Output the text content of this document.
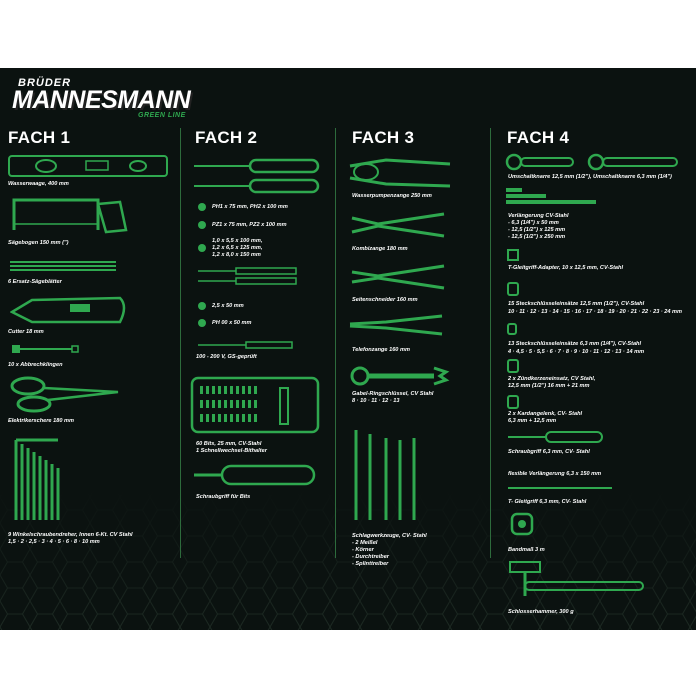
BRÜDER
MANNESMANN
GREEN LINE
FACH 1	FACH 2	FACH 3	FACH 4
Wasserwaage, 400 mm
Sägebogen 150 mm (")
6 Ersatz-Sägeblätter
Cutter 18 mm
10 x Abbrechklingen
Elektrikerschere 180 mm
9 Winkelschraubendreher, Innen 6-Kt. CV Stahl
1,5 · 2 · 2,5 · 3 · 4 · 5 · 6 · 8 · 10 mm
PH1 x 75 mm, PH2 x 100 mm
PZ1 x 75 mm, PZ2 x 100 mm
1,0 x 5,5 x 100 mm,
1,2 x 6,5 x 125 mm,
1,2 x 8,0 x 150 mm
2,5 x 50 mm
PH 00 x 50 mm
100 - 200 V, GS-geprüft
60 Bits, 25 mm, CV-Stahl
1 Schnellwechsel-Bithalter
Schraubgriff für Bits
Wasserpumpenzange 250 mm
Kombizange 180 mm
Seitenschneider 160 mm
Telefonzange 160 mm
Gabel-Ringschlüssel, CV Stahl
8 · 10 · 11 · 12 · 13
Schlagwerkzeuge, CV- Stahl
- 2 Meißel
- Körner
- Durchtreiber
- Splinttreiber
Umschaltknarre 12,5 mm (1/2"), Umschaltknarre 6,3 mm (1/4")
Verlängerung CV-Stahl
- 6,3 (1/4") x 50 mm
- 12,5 (1/2") x 125 mm
- 12,5 (1/2") x 250 mm
T-Gleitgriff-Adapter, 10 x 12,5 mm, CV-Stahl
15 Steckschlüsseleinsätze 12,5 mm (1/2"), CV-Stahl
10 · 11 · 12 · 13 · 14 · 15 · 16 · 17 · 18 · 19 · 20 · 21 · 22 · 23 · 24 mm
13 Steckschlüsseleinsätze 6,3 mm (1/4"), CV-Stahl
4 · 4,5 · 5 · 5,5 · 6 · 7 · 8 · 9 · 10 · 11 · 12 · 13 · 14 mm
2 x Zündkerzeneinsatz, CV Stahl,
12,5 mm (1/2") 16 mm + 21 mm
2 x Kardangelenk, CV- Stahl
6,3 mm + 12,5 mm
Schraubgriff 6,3 mm, CV- Stahl
flexible Verlängerung 6,3 x 150 mm
T- Gleitgriff 6,3 mm, CV- Stahl
Bandmaß 3 m
Schlosserhammer, 300 g
